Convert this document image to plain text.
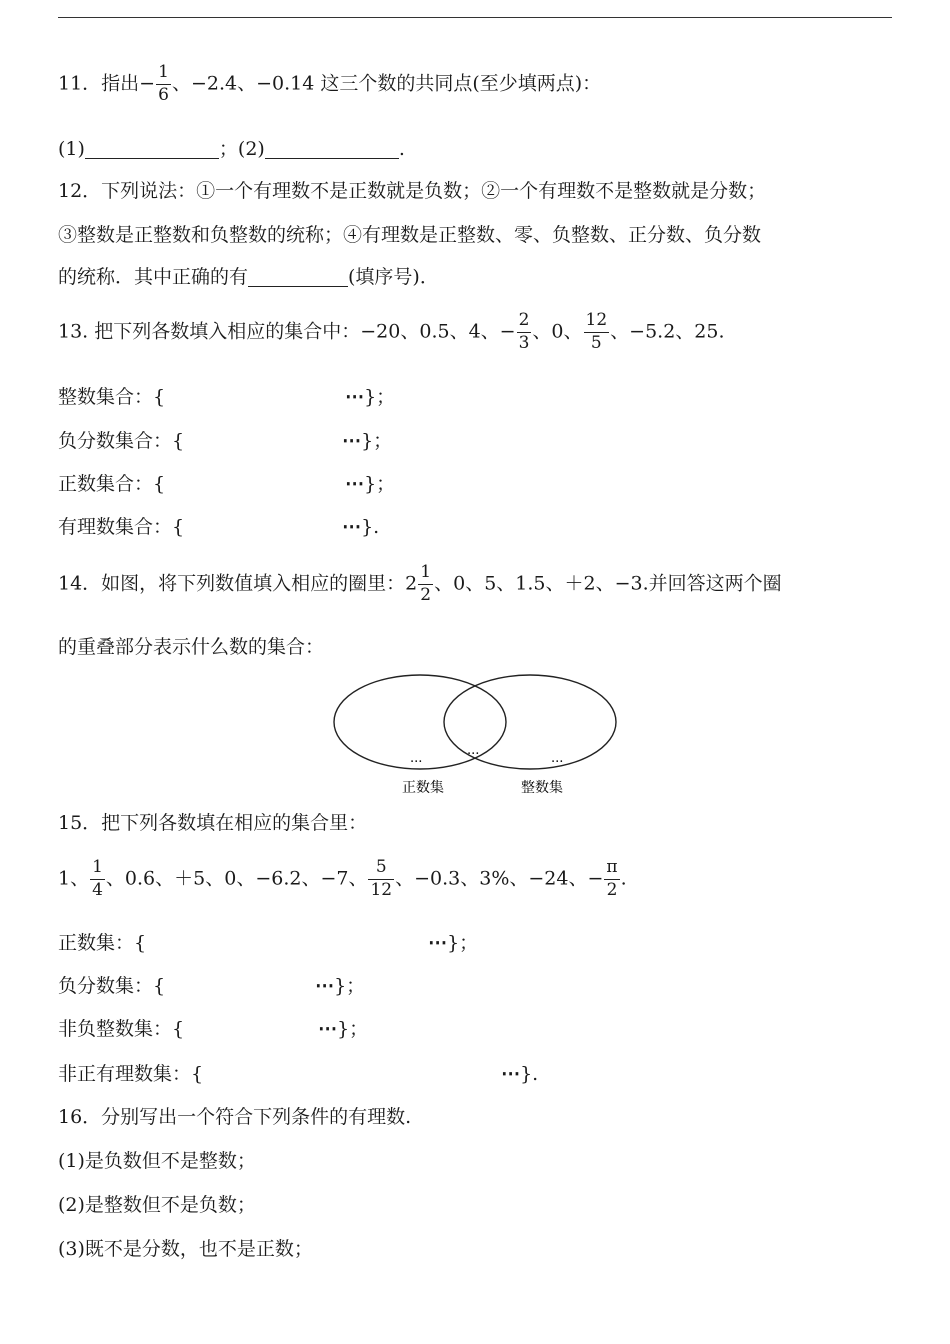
11．指出− $\frac{1}{6}$ 、−2.4、−0.14 这三个数的共同点(至少填两点)：
(1)	；(2)	.
12．下列说法：①一个有理数不是正数就是负数；②一个有理数不是整数就是分数；
③整数是正整数和负整数的统称；④有理数是正整数、零、负整数、正分数、负分数
的统称．其中正确的有	(填序号)．
13. 把下列各数填入相应的集合中：−20、0.5、4、− $\frac{2}{3}$ 、0、 $\frac{12}{5}$ 、−5.2、25.
整数集合：{	⋯}；
负分数集合：{	⋯}；
正数集合：{	⋯}；
有理数集合：{	⋯}.
14．如图，将下列数值填入相应的圈里：$2 \frac{1}{2}$ 、0、5、1.5、＋2、−3.并回答这两个圈
的重叠部分表示什么数的集合：
...
...
...
正数集	整数集
15．把下列各数填在相应的集合里：
1、 $\frac{1}{4}$ 、0.6、＋5、0、−6.2、−7、 $\frac{5}{12}$ 、−0.3、3%、−24、− $\frac{\pi}{2}$ .
正数集：{	⋯}；
负分数集：{	⋯}；
非负整数集：{	⋯}；
非正有理数集：{	⋯}.
16．分别写出一个符合下列条件的有理数.
(1)是负数但不是整数；
(2)是整数但不是负数；
(3)既不是分数，也不是正数；
